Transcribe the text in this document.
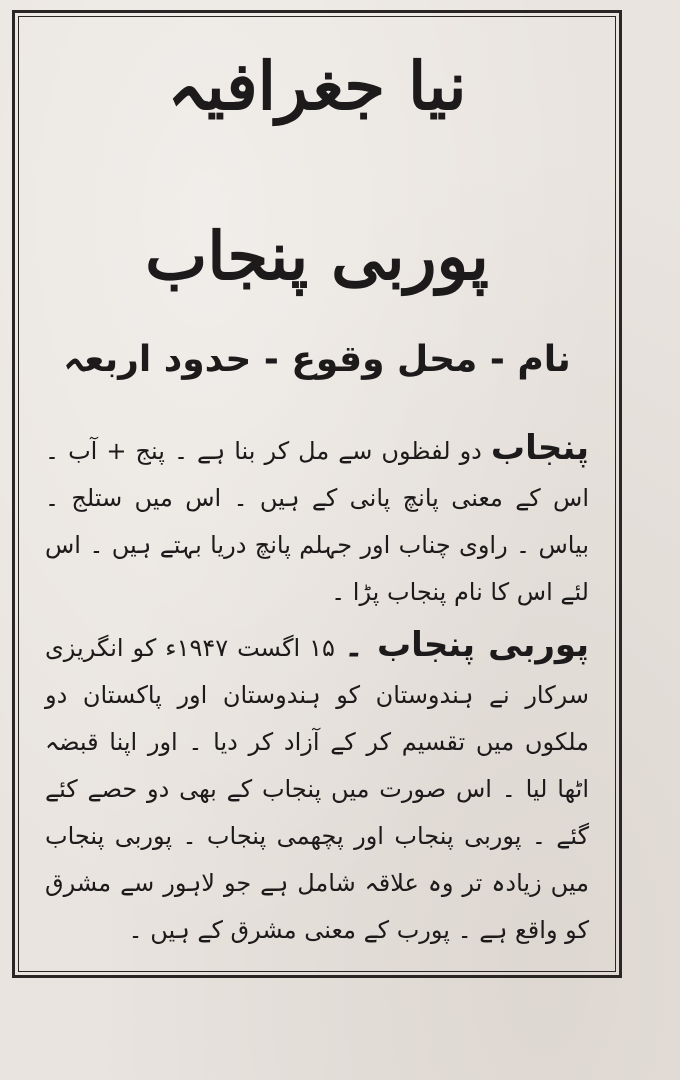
نیا جغرافیہ
پوربی پنجاب
نام - محل وقوع - حدود اربعہ

پنجاب دو لفظوں سے مل کر بنا ہے ۔ پنج + آب ۔ اس کے معنی پانچ پانی کے ہیں ۔ اس میں ستلج ۔ بیاس ۔ راوی چناب اور جہلم پانچ دریا بہتے ہیں ۔ اس لئے اس کا نام پنجاب پڑا ۔

پوربی پنجاب ۔ ۱۵ اگست ۱۹۴۷ء کو انگریزی سرکار نے ہندوستان کو ہندوستان اور پاکستان دو ملکوں میں تقسیم کر کے آزاد کر دیا ۔ اور اپنا قبضہ اٹھا لیا ۔ اس صورت میں پنجاب کے بھی دو حصے کئے گئے ۔ پوربی پنجاب اور پچھمی پنجاب ۔ پوربی پنجاب میں زیادہ تر وہ علاقہ شامل ہے جو لاہور سے مشرق کو واقع ہے ۔ پورب کے معنی مشرق کے ہیں ۔
